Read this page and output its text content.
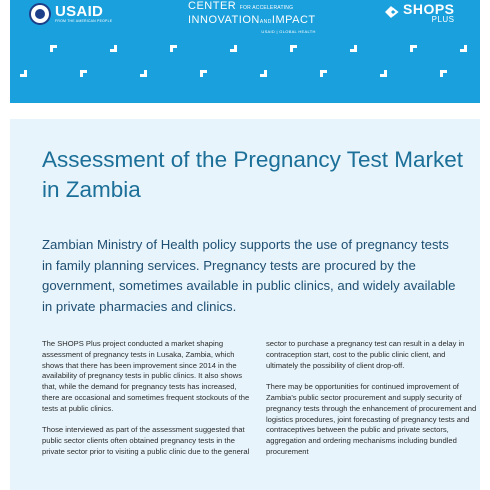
USAID
FROM THE AMERICAN PEOPLE
CENTER FOR ACCELERATING
INNOVATIONANDIMPACT
USAID | GLOBAL HEALTH
SHOPS
PLUS
Assessment of the Pregnancy Test Market in Zambia

Zambian Ministry of Health policy supports the use of pregnancy tests in family planning services. Pregnancy tests are procured by the government, sometimes available in public clinics, and widely available in private pharmacies and clinics.

The SHOPS Plus project conducted a market shaping assessment of pregnancy tests in Lusaka, Zambia, which shows that there has been improvement since 2014 in the availability of pregnancy tests in public clinics. It also shows that, while the demand for pregnancy tests has increased, there are occasional and sometimes frequent stockouts of the tests at public clinics.

Those interviewed as part of the assessment suggested that public sector clients often obtained pregnancy tests in the private sector prior to visiting a public clinic due to the general

sector to purchase a pregnancy test can result in a delay in contraception start, cost to the public clinic client, and ultimately the possibility of client drop-off.

There may be opportunities for continued improvement of Zambia's public sector procurement and supply security of pregnancy tests through the enhancement of procurement and logistics procedures, joint forecasting of pregnancy tests and contraceptives between the public and private sectors, aggregation and ordering mechanisms including bundled procurement
